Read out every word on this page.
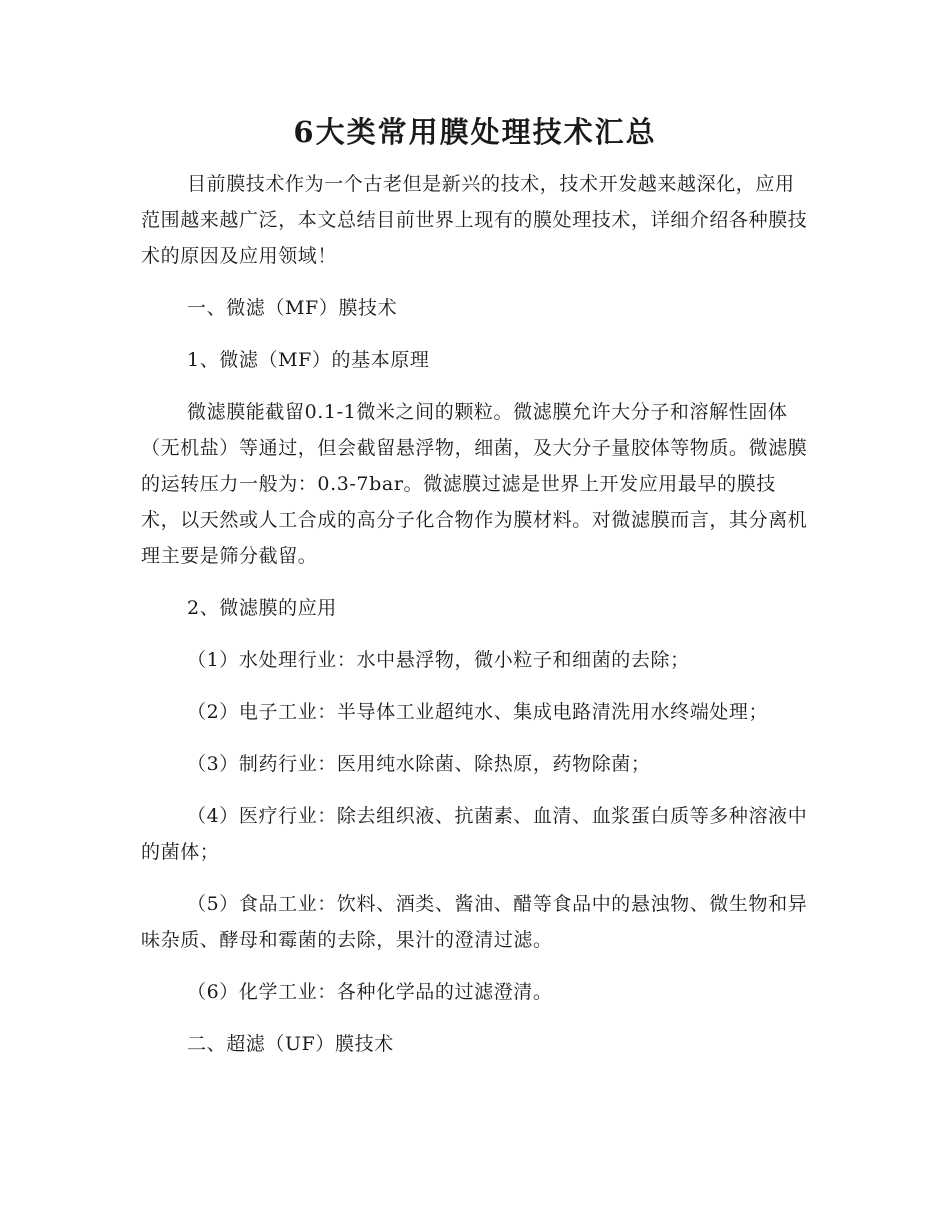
6大类常用膜处理技术汇总

目前膜技术作为一个古老但是新兴的技术，技术开发越来越深化，应用范围越来越广泛，本文总结目前世界上现有的膜处理技术，详细介绍各种膜技术的原因及应用领域！

一、微滤（MF）膜技术

1、微滤（MF）的基本原理

微滤膜能截留0.1-1微米之间的颗粒。微滤膜允许大分子和溶解性固体（无机盐）等通过，但会截留悬浮物，细菌，及大分子量胶体等物质。微滤膜的运转压力一般为：0.3-7bar。微滤膜过滤是世界上开发应用最早的膜技术，以天然或人工合成的高分子化合物作为膜材料。对微滤膜而言，其分离机理主要是筛分截留。

2、微滤膜的应用

（1）水处理行业：水中悬浮物，微小粒子和细菌的去除；

（2）电子工业：半导体工业超纯水、集成电路清洗用水终端处理；

（3）制药行业：医用纯水除菌、除热原，药物除菌；

（4）医疗行业：除去组织液、抗菌素、血清、血浆蛋白质等多种溶液中的菌体；

（5）食品工业：饮料、酒类、酱油、醋等食品中的悬浊物、微生物和异味杂质、酵母和霉菌的去除，果汁的澄清过滤。

（6）化学工业：各种化学品的过滤澄清。

二、超滤（UF）膜技术
